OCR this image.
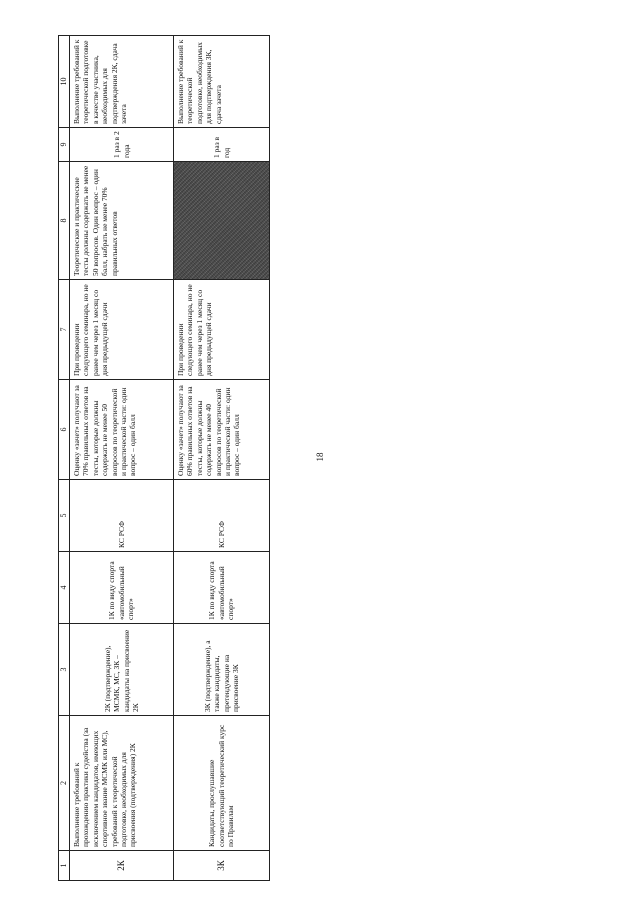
18
1	2	3	4	5	6	7	8	9	10
2К	Выполнение требований к прохождению практики судейства (за исключением кандидатов, имеющих спортивное звание МСМК или МС), требований к теоретической подготовке, необходимых для присвоения (подтверждения) 2К	2К (подтверждение), МСМК, МС, 3К – кандидаты на присвоение 2К	1К по виду спорта «автомобильный спорт»	КС РСФ	Оценку «зачет» получают за 70% правильных ответов на тесты, которые должны содержать не менее 50 вопросов по теоретической и практической части: один вопрос – один балл	При проведении следующего семинара, но не ранее чем через 1 месяц со дня предыдущей сдачи	Теоретические и практические тесты должны содержать не менее 50 вопросов. Один вопрос – один балл, набрать не менее 70% правильных ответов	1 раз в 2 года	Выполнение требований к теоретической подготовке в качестве участника, необходимых для подтверждения 2К, сдача зачета
3К	Кандидаты, прослушавшие соответствующий теоретический курс по Правилам	3К (подтверждение), а также кандидаты, претендующие на присвоение 3К	1К по виду спорта «автомобильный спорт»	КС РСФ	Оценку «зачет» получают за 60% правильных ответов на тесты, которые должны содержать не менее 40 вопросов по теоретической и практической части: один вопрос – один балл	При проведении следующего семинара, но не ранее чем через 1 месяц со дня предыдущей сдачи		1 раз в год	Выполнение требований к теоретической подготовке, необходимых для подтверждения 3К, сдача зачета
